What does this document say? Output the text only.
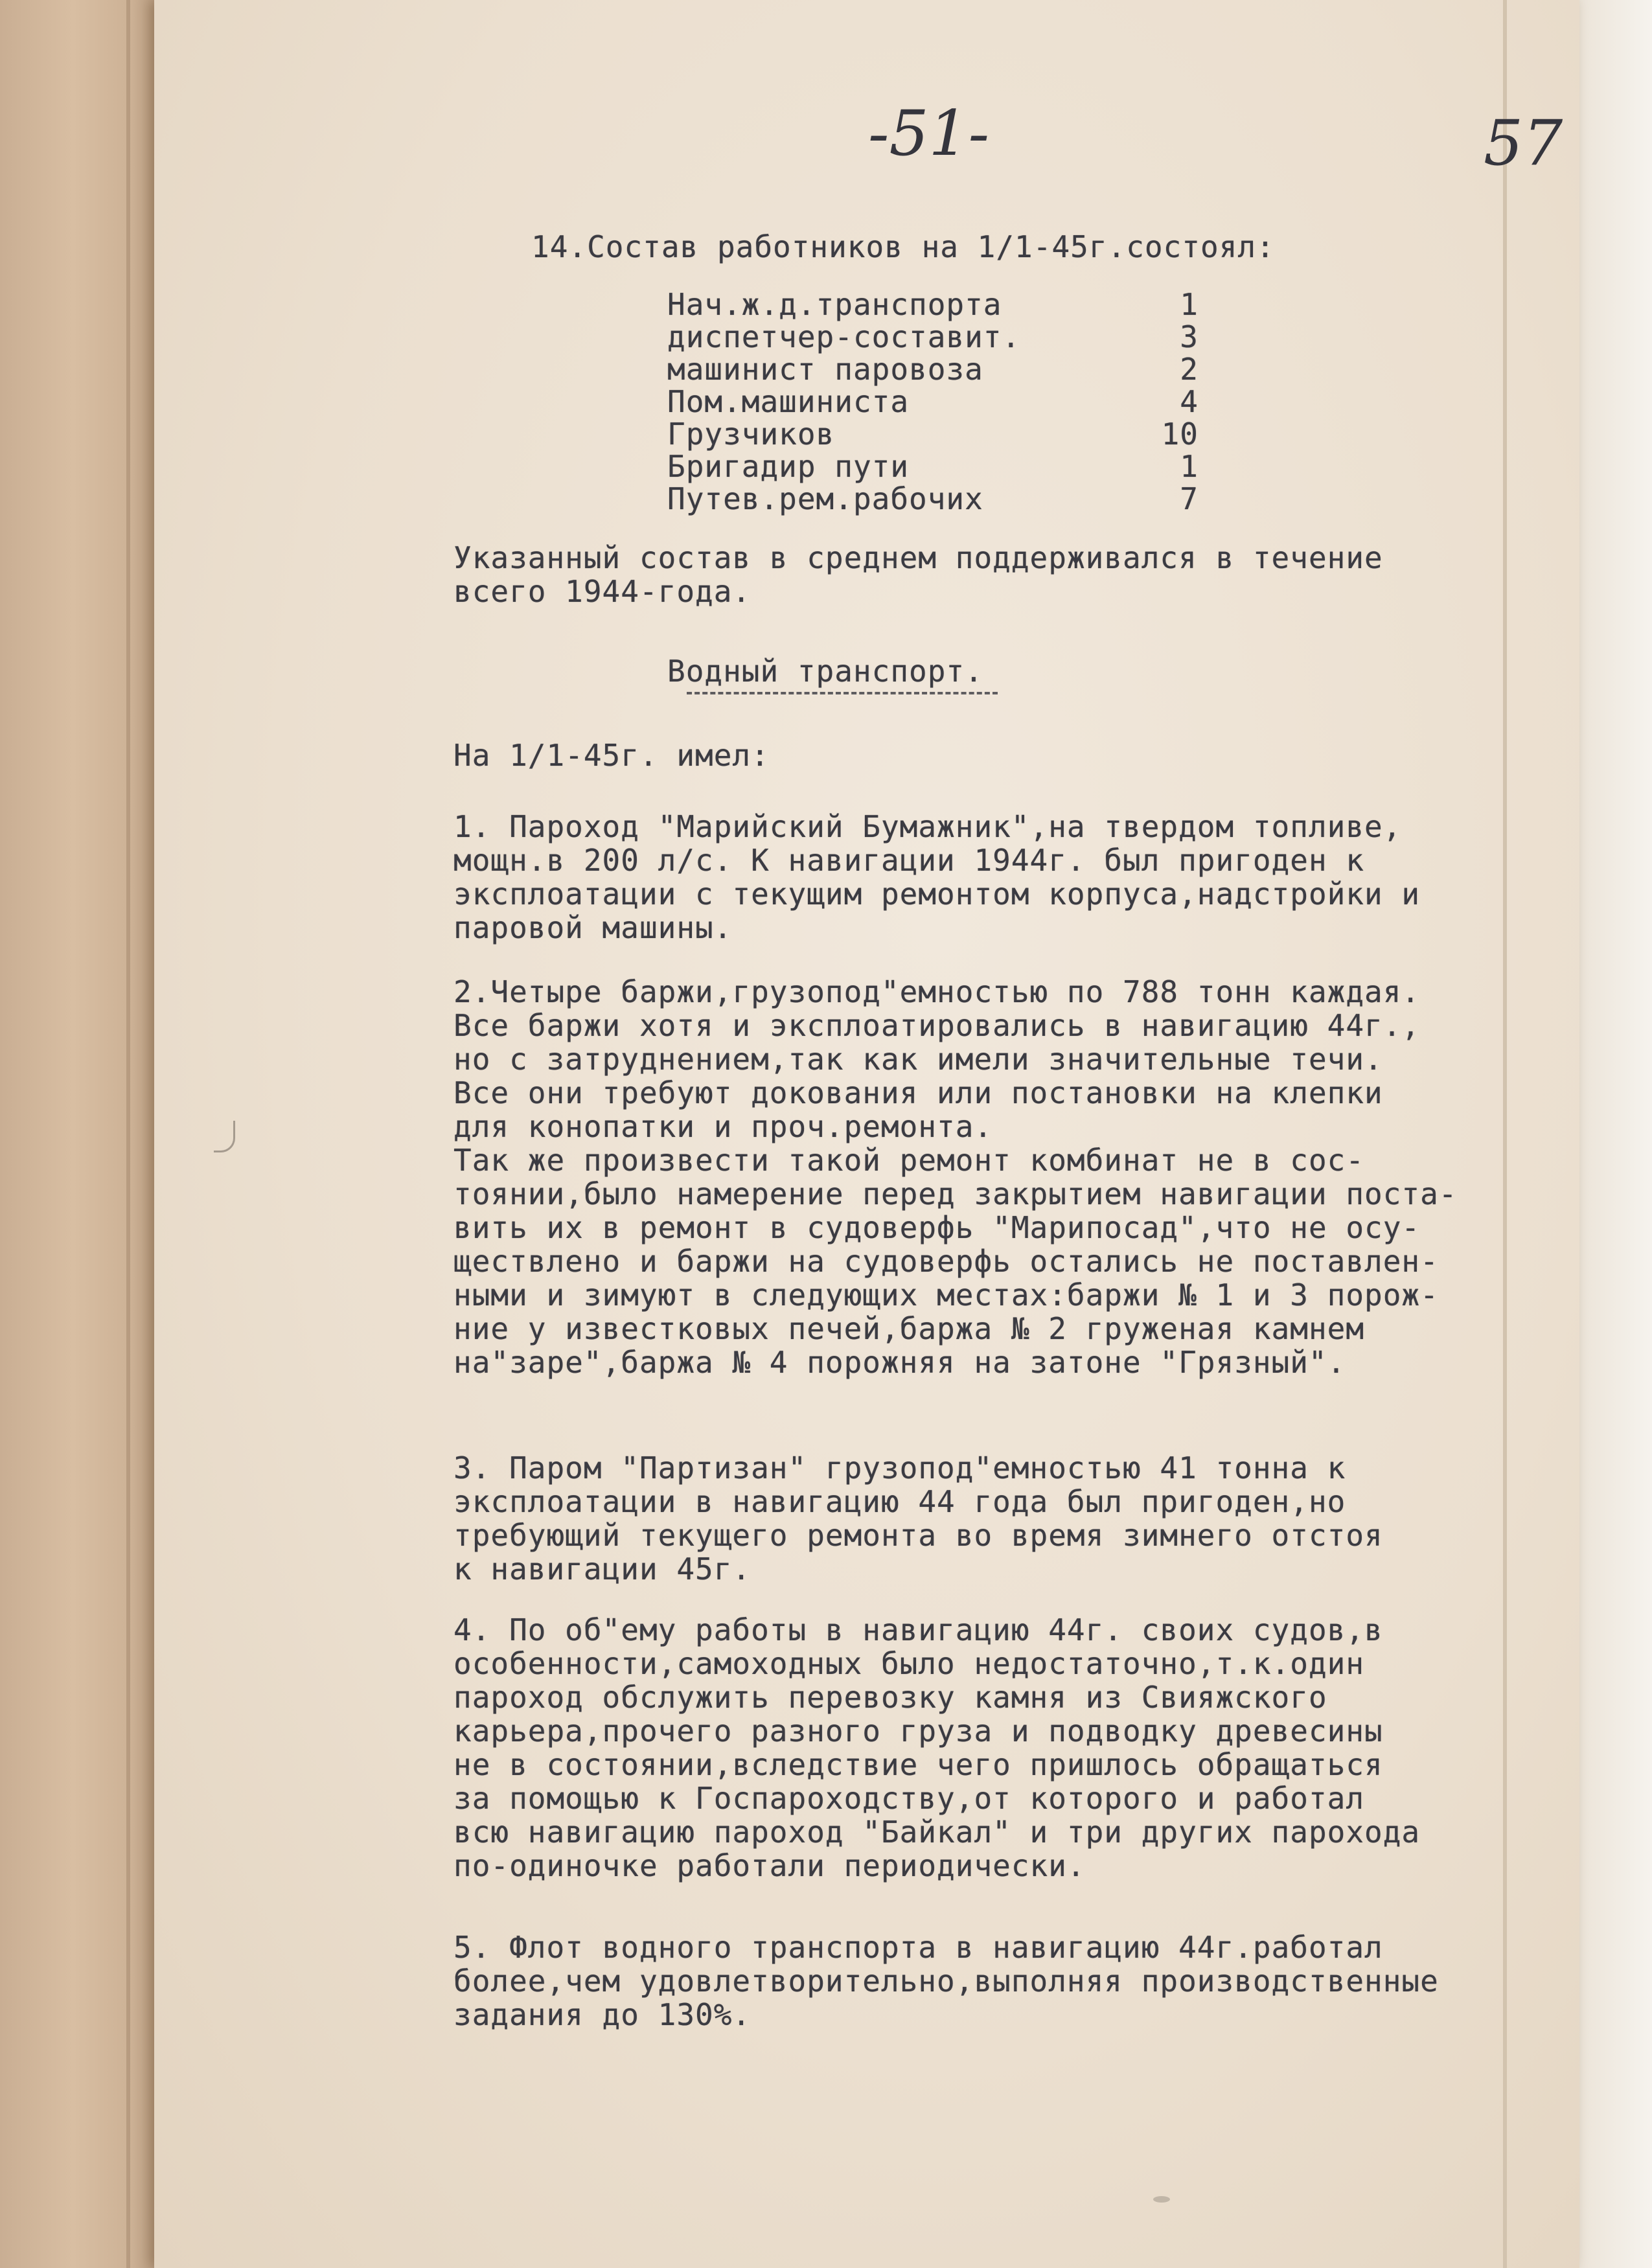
-51-	57
14.Состав работников на 1/1-45г.состоял:
Нач.ж.д.транспорта	1
диспетчер-составит.	3
машинист паровоза	2
Пом.машиниста	4
Грузчиков	10
Бригадир пути	1
Путев.рем.рабочих	7
Указанный состав в среднем поддерживался в течение
всего 1944-года.
Водный транспорт.
На 1/1-45г. имел:
1. Пароход "Марийский Бумажник",на твердом топливе,
мощн.в 200 л/с. К навигации 1944г. был пригоден к
эксплоатации с текущим ремонтом корпуса,надстройки и
паровой машины.
2.Четыре баржи,грузопод"емностью по 788 тонн каждая.
Все баржи хотя и эксплоатировались в навигацию 44г.,
но с затруднением,так как имели значительные течи.
Все они требуют докования или постановки на клепки
для конопатки и проч.ремонта.
Так же произвести такой ремонт комбинат не в сос-
тоянии,было намерение перед закрытием навигации поста-
вить их в ремонт в судоверфь "Марипосад",что не осу-
ществлено и баржи на судоверфь остались не поставлен-
ными и зимуют в следующих местах:баржи № 1 и 3 порож-
ние у известковых печей,баржа № 2 груженая камнем
на"заре",баржа № 4 порожняя на затоне "Грязный".
3. Паром "Партизан" грузопод"емностью 41 тонна к
эксплоатации в навигацию 44 года был пригоден,но
требующий текущего ремонта во время зимнего отстоя
к навигации 45г.
4. По об"ему работы в навигацию 44г. своих судов,в
особенности,самоходных было недостаточно,т.к.один
пароход обслужить перевозку камня из Свияжского
карьера,прочего разного груза и подводку древесины
не в состоянии,вследствие чего пришлось обращаться
за помощью к Госпароходству,от которого и работал
всю навигацию пароход "Байкал" и три других парохода
по-одиночке работали периодически.
5. Флот водного транспорта в навигацию 44г.работал
более,чем удовлетворительно,выполняя производственные
задания до 130%.
